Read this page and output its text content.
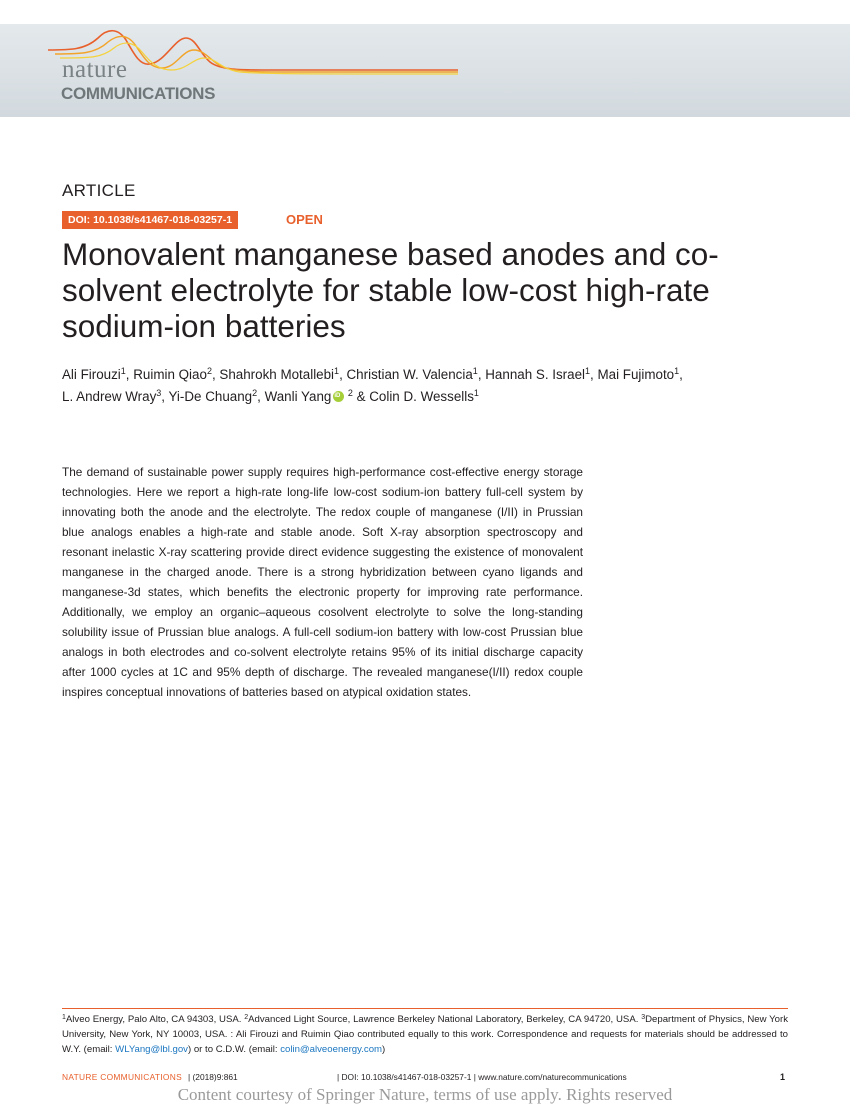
nature
COMMUNICATIONS
ARTICLE
DOI: 10.1038/s41467-018-03257-1	OPEN
Monovalent manganese based anodes and co-solvent electrolyte for stable low-cost high-rate sodium-ion batteries
Ali Firouzi$^1$, Ruimin Qiao$^2$, Shahrokh Motallebi$^1$, Christian W. Valencia$^1$, Hannah S. Israel$^1$, Mai Fujimoto$^1$,
L. Andrew Wray$^3$, Yi-De Chuang$^2$, Wanli YangiD $^2$ & Colin D. Wessells$^1$

The demand of sustainable power supply requires high-performance cost-effective energy storage technologies. Here we report a high-rate long-life low-cost sodium-ion battery full-cell system by innovating both the anode and the electrolyte. The redox couple of manganese (I/II) in Prussian blue analogs enables a high-rate and stable anode. Soft X-ray absorption spectroscopy and resonant inelastic X-ray scattering provide direct evidence suggesting the existence of monovalent manganese in the charged anode. There is a strong hybridization between cyano ligands and manganese-3d states, which benefits the electronic property for improving rate performance. Additionally, we employ an organic–aqueous cosolvent electrolyte to solve the long-standing solubility issue of Prussian blue analogs. A full-cell sodium-ion battery with low-cost Prussian blue analogs in both electrodes and co-solvent electrolyte retains 95% of its initial discharge capacity after 1000 cycles at 1C and 95% depth of discharge. The revealed manganese(I/II) redox couple inspires conceptual innovations of batteries based on atypical oxidation states.

$^1$Alveo Energy, Palo Alto, CA 94303, USA. $^2$Advanced Light Source, Lawrence Berkeley National Laboratory, Berkeley, CA 94720, USA. $^3$Department of Physics, New York University, New York, NY 10003, USA. : Ali Firouzi and Ruimin Qiao contributed equally to this work. Correspondence and requests for materials should be addressed to W.Y. (email: WLYang@lbl.gov) or to C.D.W. (email: colin@alveoenergy.com)

NATURE COMMUNICATIONS | (2018)9:861	| DOI: 10.1038/s41467-018-03257-1 | www.nature.com/naturecommunications	1
Content courtesy of Springer Nature, terms of use apply. Rights reserved
